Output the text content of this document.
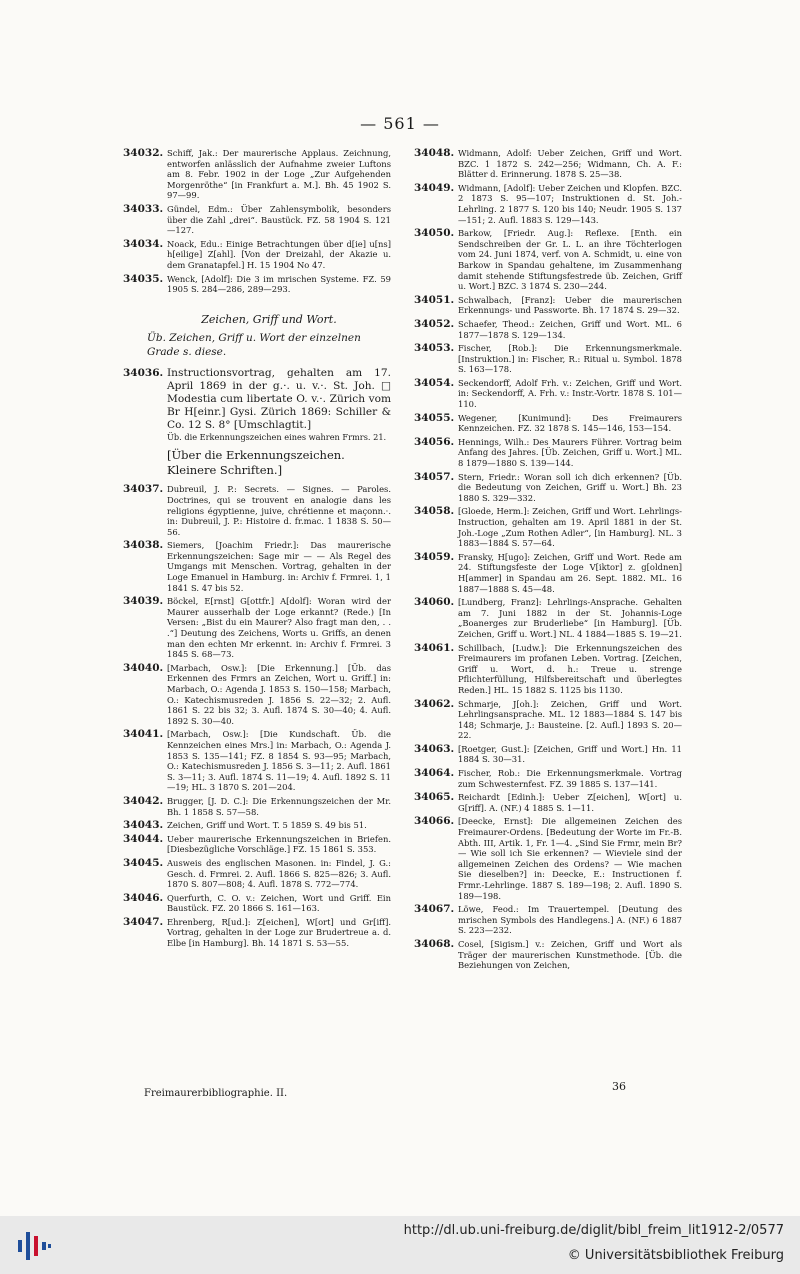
— 561 —
34032. Schiff, Jak.: Der maurerische Applaus. Zeichnung, entworfen anlässlich der Aufnahme zweier Luftons am 8. Febr. 1902 in der Loge „Zur Aufgehenden Morgenröthe“ [in Frankfurt a. M.]. Bh. 45 1902 S. 97—99.
34033. Gündel, Edm.: Über Zahlensymbolik, besonders über die Zahl „drei“. Baustück. FZ. 58 1904 S. 121—127.
34034. Noack, Edu.: Einige Betrachtungen über d[ie] u[ns] h[eilige] Z[ahl]. [Von der Dreizahl, der Akazie u. dem Granatapfel.] H. 15 1904 No 47.
34035. Wenck, [Adolf]: Die 3 im mrischen Systeme. FZ. 59 1905 S. 284—286, 289—293.
Zeichen, Griff und Wort.
Üb. Zeichen, Griff u. Wort der einzelnen Grade s. diese.
34036. Instructionsvortrag, gehalten am 17. April 1869 in der g.·. u. v.·. St. Joh. □ Modestia cum libertate O. v.·. Zürich vom Br H[einr.] Gysi. Zürich 1869: Schiller & Co. 12 S. 8° [Umschlagtit.]
Üb. die Erkennungszeichen eines wahren Frmrs. 21.
[Über die Erkennungszeichen. Kleinere Schriften.]
34037. Dubreuil, J. P.: Secrets. — Signes. — Paroles. Doctrines, qui se trouvent en analogie dans les religions égyptienne, juive, chrétienne et maçonn.·. in: Dubreuil, J. P.: Histoire d. fr.mac. 1 1838 S. 50—56.
34038. Siemers, [Joachim Friedr.]: Das maurerische Erkennungszeichen: Sage mir — — Als Regel des Umgangs mit Menschen. Vortrag, gehalten in der Loge Emanuel in Hamburg. in: Archiv f. Frmrei. 1, 1 1841 S. 47 bis 52.
34039. Böckel, E[rnst] G[ottfr.] A[dolf]: Woran wird der Maurer ausserhalb der Loge erkannt? (Rede.) [In Versen: „Bist du ein Maurer? Also fragt man den, . . .“] Deutung des Zeichens, Worts u. Griffs, an denen man den echten Mr erkennt. in: Archiv f. Frmrei. 3 1845 S. 68—73.
34040. [Marbach, Osw.]: [Die Erkennung.] [Üb. das Erkennen des Frmrs an Zeichen, Wort u. Griff.] in: Marbach, O.: Agenda J. 1853 S. 150—158; Marbach, O.: Katechismusreden J. 1856 S. 22—32; 2. Aufl. 1861 S. 22 bis 32; 3. Aufl. 1874 S. 30—40; 4. Aufl. 1892 S. 30—40.
34041. [Marbach, Osw.]: [Die Kundschaft. Üb. die Kennzeichen eines Mrs.] in: Marbach, O.: Agenda J. 1853 S. 135—141; FZ. 8 1854 S. 93—95; Marbach, O.: Katechismusreden J. 1856 S. 3—11; 2. Aufl. 1861 S. 3—11; 3. Aufl. 1874 S. 11—19; 4. Aufl. 1892 S. 11—19; HL. 3 1870 S. 201—204.
34042. Brugger, [J. D. C.]: Die Erkennungszeichen der Mr. Bh. 1 1858 S. 57—58.
34043. Zeichen, Griff und Wort. T. 5 1859 S. 49 bis 51.
34044. Ueber maurerische Erkennungszeichen in Briefen. [Diesbezügliche Vorschläge.] FZ. 15 1861 S. 353.
34045. Ausweis des englischen Masonen. in: Findel, J. G.: Gesch. d. Frmrei. 2. Aufl. 1866 S. 825—826; 3. Aufl. 1870 S. 807—808; 4. Aufl. 1878 S. 772—774.
34046. Querfurth, C. O. v.: Zeichen, Wort und Griff. Ein Baustück. FZ. 20 1866 S. 161—163.
34047. Ehrenberg, R[ud.]: Z[eichen], W[ort] und Gr[iff]. Vortrag, gehalten in der Loge zur Brudertreue a. d. Elbe [in Hamburg]. Bh. 14 1871 S. 53—55.
34048. Widmann, Adolf: Ueber Zeichen, Griff und Wort. BZC. 1 1872 S. 242—256; Widmann, Ch. A. F.: Blätter d. Erinnerung. 1878 S. 25—38.
34049. Widmann, [Adolf]: Ueber Zeichen und Klopfen. BZC. 2 1873 S. 95—107; Instruktionen d. St. Joh.-Lehrling. 2 1877 S. 120 bis 140; Neudr. 1905 S. 137—151; 2. Aufl. 1883 S. 129—143.
34050. Barkow, [Friedr. Aug.]: Reflexe. [Enth. ein Sendschreiben der Gr. L. L. an ihre Töchterlogen vom 24. Juni 1874, verf. von A. Schmidt, u. eine von Barkow in Spandau gehaltene, im Zusammenhang damit stehende Stiftungsfestrede üb. Zeichen, Griff u. Wort.] BZC. 3 1874 S. 230—244.
34051. Schwalbach, [Franz]: Ueber die maurerischen Erkennungs- und Passworte. Bh. 17 1874 S. 29—32.
34052. Schaefer, Theod.: Zeichen, Griff und Wort. ML. 6 1877—1878 S. 129—134.
34053. Fischer, [Rob.]: Die Erkennungsmerkmale. [Instruktion.] in: Fischer, R.: Ritual u. Symbol. 1878 S. 163—178.
34054. Seckendorff, Adolf Frh. v.: Zeichen, Griff und Wort. in: Seckendorff, A. Frh. v.: Instr.-Vortr. 1878 S. 101—110.
34055. Wegener, [Kunimund]: Des Freimaurers Kennzeichen. FZ. 32 1878 S. 145—146, 153—154.
34056. Hennings, Wilh.: Des Maurers Führer. Vortrag beim Anfang des Jahres. [Üb. Zeichen, Griff u. Wort.] ML. 8 1879—1880 S. 139—144.
34057. Stern, Friedr.: Woran soll ich dich erkennen? [Üb. die Bedeutung von Zeichen, Griff u. Wort.] Bh. 23 1880 S. 329—332.
34058. [Gloede, Herm.]: Zeichen, Griff und Wort. Lehrlings-Instruction, gehalten am 19. April 1881 in der St. Joh.-Loge „Zum Rothen Adler“, [in Hamburg]. NL. 3 1883—1884 S. 57—64.
34059. Fransky, H[ugo]: Zeichen, Griff und Wort. Rede am 24. Stiftungsfeste der Loge V[iktor] z. g[oldnen] H[ammer] in Spandau am 26. Sept. 1882. ML. 16 1887—1888 S. 45—48.
34060. [Lundberg, Franz]: Lehrlings-Ansprache. Gehalten am 7. Juni 1882 in der St. Johannis-Loge „Boanerges zur Bruderliebe“ [in Hamburg]. [Üb. Zeichen, Griff u. Wort.] NL. 4 1884—1885 S. 19—21.
34061. Schillbach, [Ludw.]: Die Erkennungszeichen des Freimaurers im profanen Leben. Vortrag. [Zeichen, Griff u. Wort, d. h.: Treue u. strenge Pflichterfüllung, Hilfsbereitschaft und überlegtes Reden.] HL. 15 1882 S. 1125 bis 1130.
34062. Schmarje, J[oh.]: Zeichen, Griff und Wort. Lehrlingsansprache. ML. 12 1883—1884 S. 147 bis 148; Schmarje, J.: Bausteine. [2. Aufl.] 1893 S. 20—22.
34063. [Roetger, Gust.]: [Zeichen, Griff und Wort.] Hn. 11 1884 S. 30—31.
34064. Fischer, Rob.: Die Erkennungsmerkmale. Vortrag zum Schwesternfest. FZ. 39 1885 S. 137—141.
34065. Reichardt [Edinh.]: Ueber Z[eichen], W[ort] u. G[riff]. A. (NF.) 4 1885 S. 1—11.
34066. [Deecke, Ernst]: Die allgemeinen Zeichen des Freimaurer-Ordens. [Bedeutung der Worte im Fr.-B. Abth. III, Artik. 1, Fr. 1—4. „Sind Sie Frmr, mein Br? — Wie soll ich Sie erkennen? — Wieviele sind der allgemeinen Zeichen des Ordens? — Wie machen Sie dieselben?] in: Deecke, E.: Instructionen f. Frmr.-Lehrlinge. 1887 S. 189—198; 2. Aufl. 1890 S. 189—198.
34067. Löwe, Feod.: Im Trauertempel. [Deutung des mrischen Symbols des Handlegens.] A. (NF.) 6 1887 S. 223—232.
34068. Cosel, [Sigism.] v.: Zeichen, Griff und Wort als Träger der maurerischen Kunstmethode. [Üb. die Beziehungen von Zeichen,
Freimaurerbibliographie. II.
36
http://dl.ub.uni-freiburg.de/diglit/bibl_freim_lit1912-2/0577
© Universitätsbibliothek Freiburg
